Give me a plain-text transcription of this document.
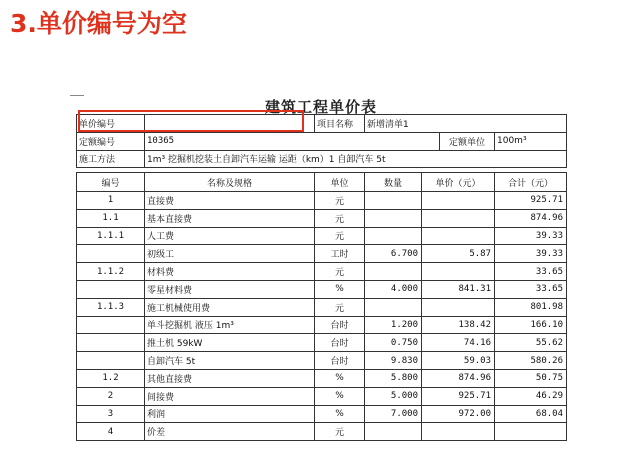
3.单价编号为空
建筑工程单价表
单价编号		项目名称	新增清单1		
定额编号	10365			定额单位	100m³
施工方法	1m³ 挖掘机挖装土自卸汽车运输 运距（km）1 自卸汽车 5t				
编号	名称及规格	单位	数量	单价（元）	合计（元）
1	直接费	元			925.71
1.1	基本直接费	元			874.96
1.1.1	人工费	元			39.33
	初级工	工时	6.700	5.87	39.33
1.1.2	材料费	元			33.65
	零星材料费	%	4.000	841.31	33.65
1.1.3	施工机械使用费	元			801.98
	单斗挖掘机 液压 1m³	台时	1.200	138.42	166.10
	推土机 59kW	台时	0.750	74.16	55.62
	自卸汽车 5t	台时	9.830	59.03	580.26
1.2	其他直接费	%	5.800	874.96	50.75
2	间接费	%	5.000	925.71	46.29
3	利润	%	7.000	972.00	68.04
4	价差	元			
